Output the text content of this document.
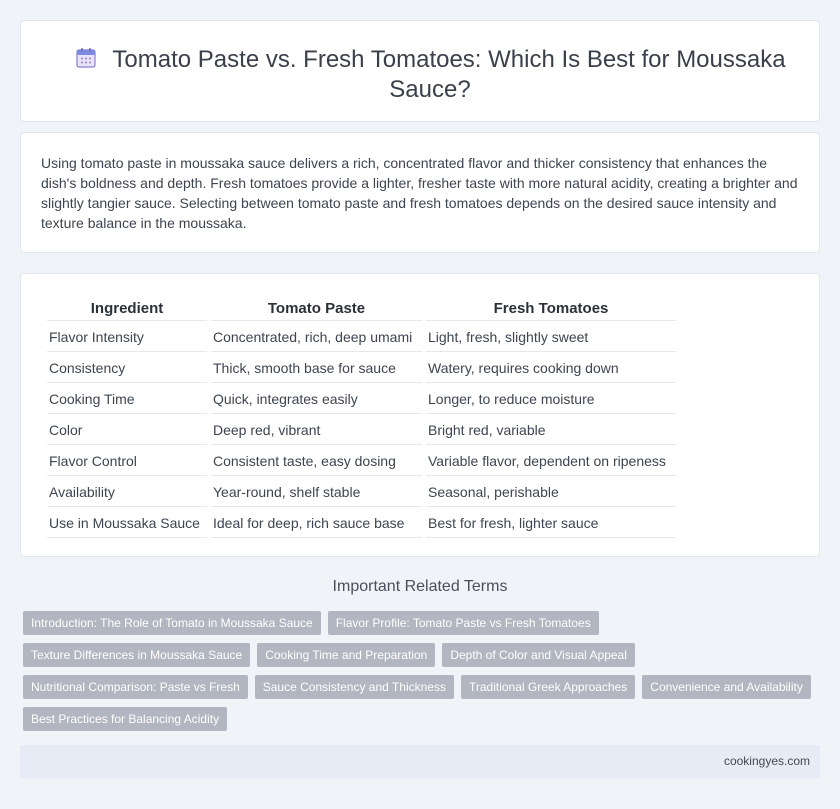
Tomato Paste vs. Fresh Tomatoes: Which Is Best for Moussaka Sauce?

Using tomato paste in moussaka sauce delivers a rich, concentrated flavor and thicker consistency that enhances the dish's boldness and depth. Fresh tomatoes provide a lighter, fresher taste with more natural acidity, creating a brighter and slightly tangier sauce. Selecting between tomato paste and fresh tomatoes depends on the desired sauce intensity and texture balance in the moussaka.

Ingredient	Tomato Paste	Fresh Tomatoes
Flavor Intensity	Concentrated, rich, deep umami	Light, fresh, slightly sweet
Consistency	Thick, smooth base for sauce	Watery, requires cooking down
Cooking Time	Quick, integrates easily	Longer, to reduce moisture
Color	Deep red, vibrant	Bright red, variable
Flavor Control	Consistent taste, easy dosing	Variable flavor, dependent on ripeness
Availability	Year-round, shelf stable	Seasonal, perishable
Use in Moussaka Sauce	Ideal for deep, rich sauce base	Best for fresh, lighter sauce
Important Related Terms
Introduction: The Role of Tomato in Moussaka Sauce	Flavor Profile: Tomato Paste vs Fresh Tomatoes
Texture Differences in Moussaka Sauce	Cooking Time and Preparation	Depth of Color and Visual Appeal
Nutritional Comparison: Paste vs Fresh	Sauce Consistency and Thickness	Traditional Greek Approaches	Convenience and Availability
Best Practices for Balancing Acidity
cookingyes.com
